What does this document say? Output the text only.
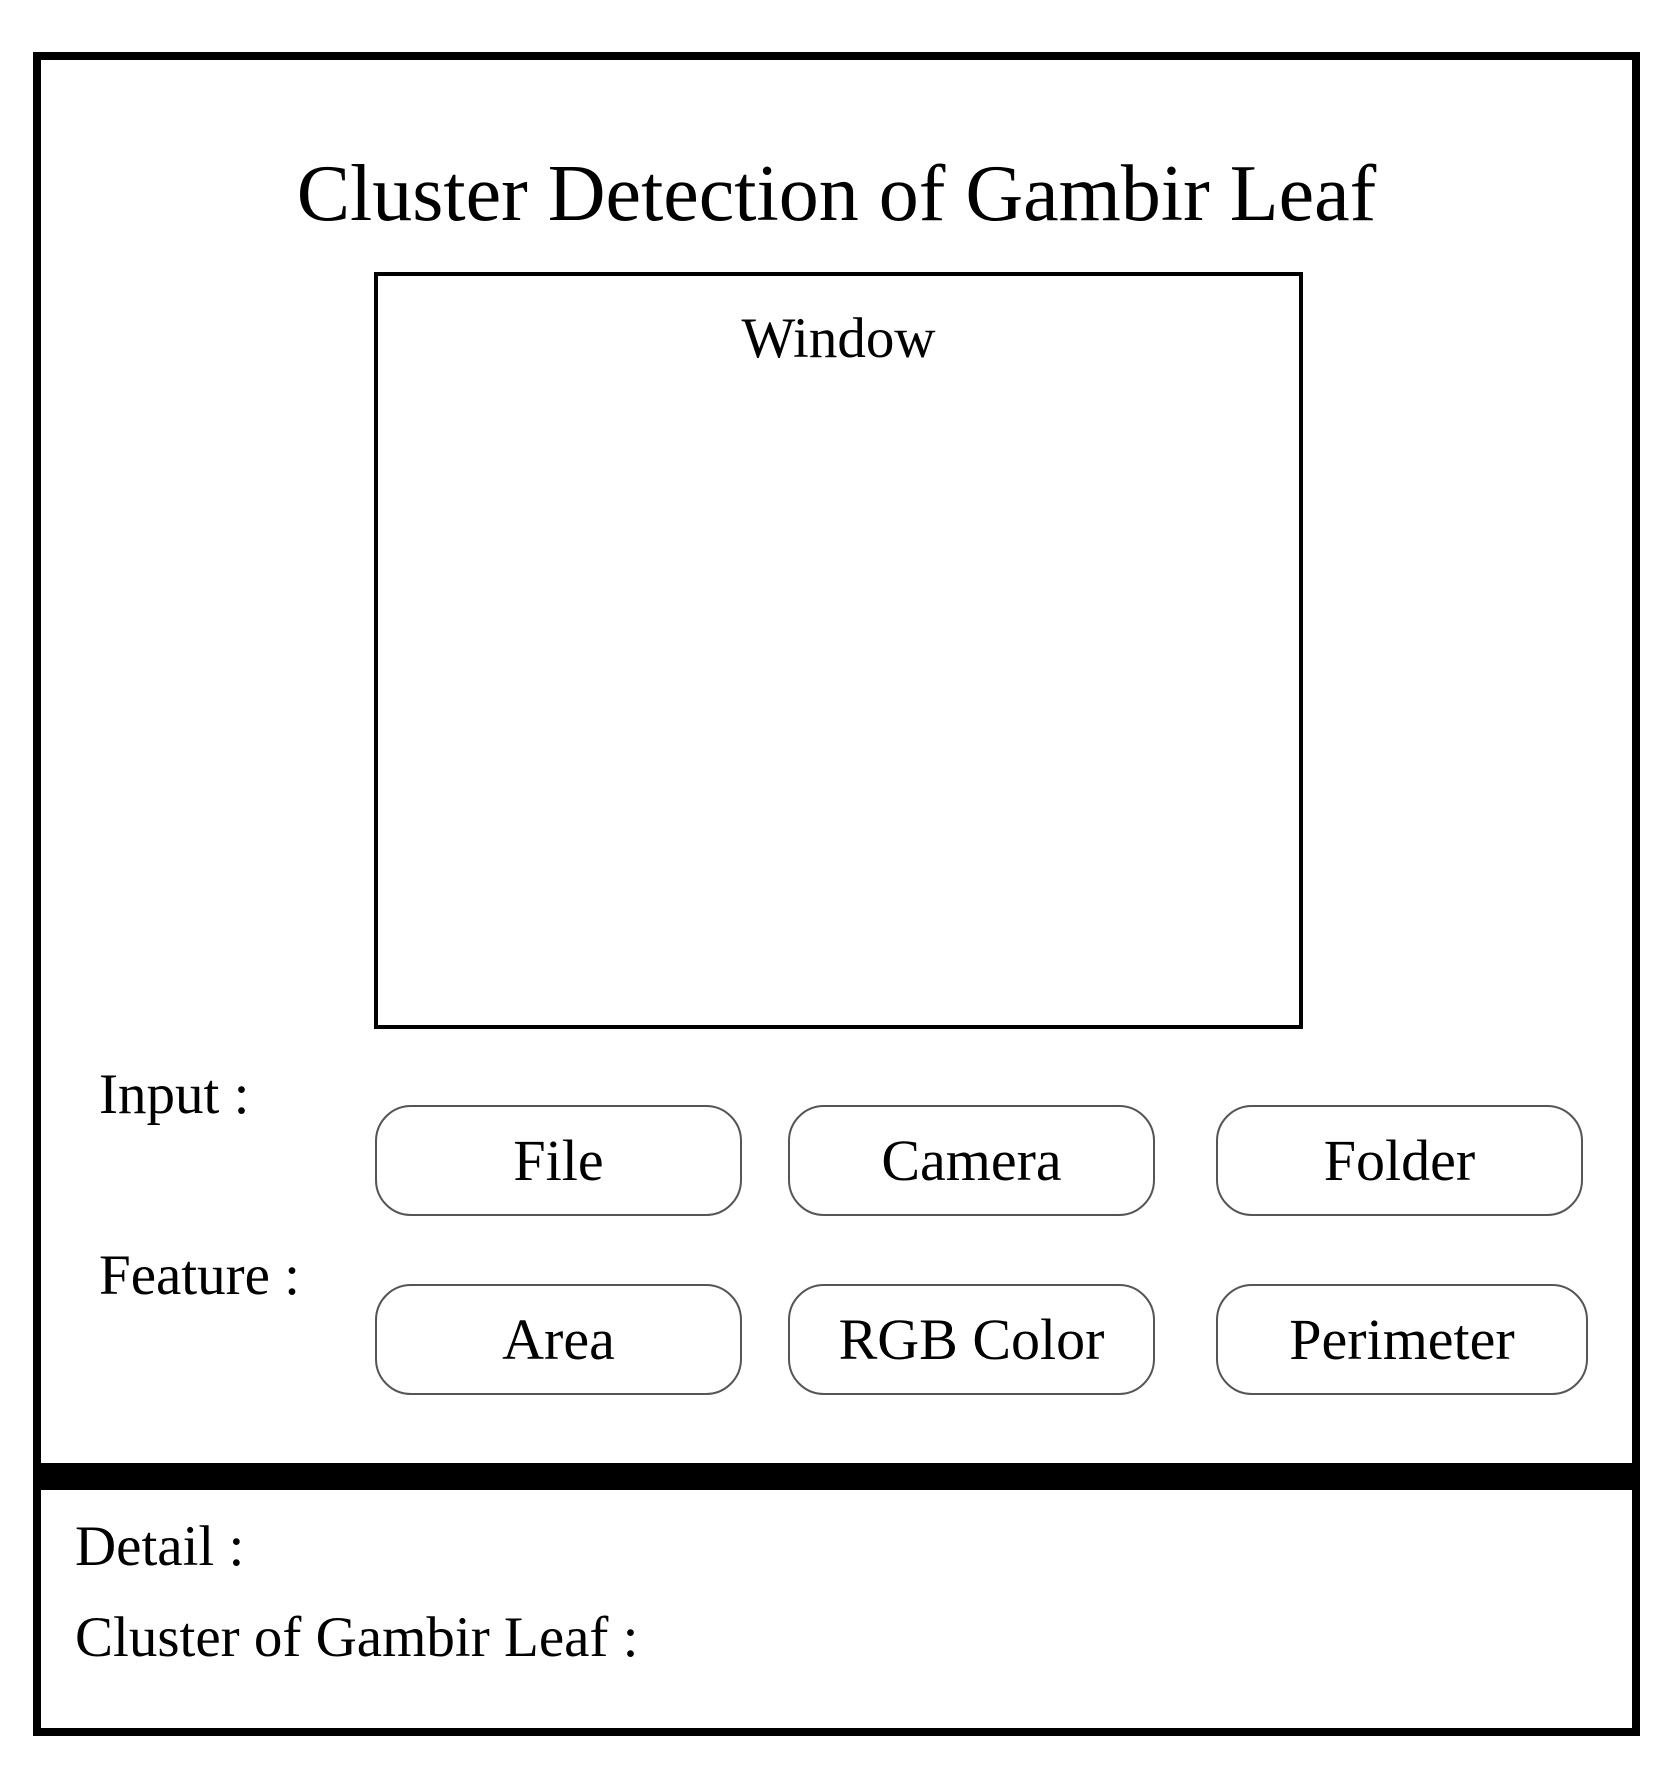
Cluster Detection of Gambir Leaf
Window
Input :
File	Camera	Folder
Feature :
Area	RGB Color	Perimeter
Detail :
Cluster of Gambir Leaf :
